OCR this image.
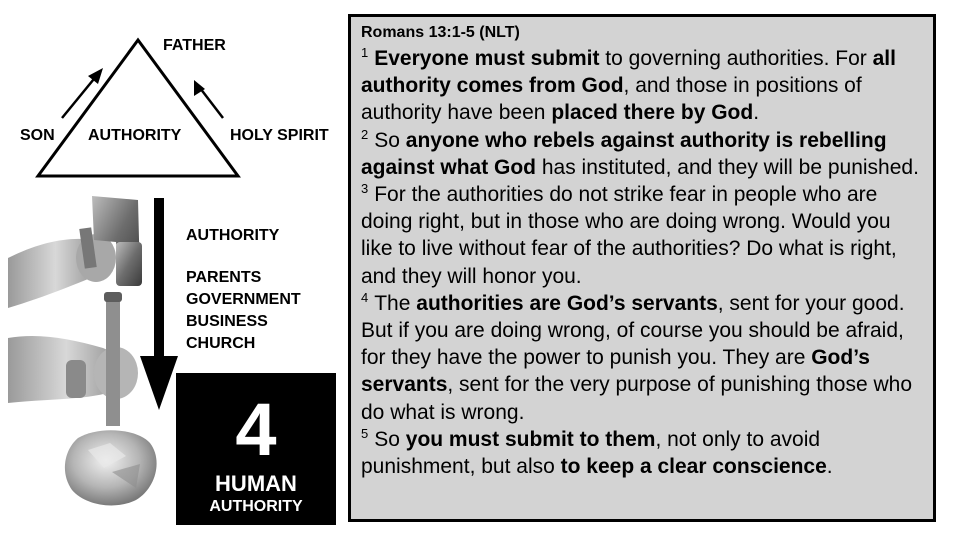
FATHER
SON AUTHORITY	HOLY SPIRIT
AUTHORITY
PARENTS
GOVERNMENT
BUSINESS
CHURCH
4
HUMAN
AUTHORITY
Romans 13:1-5 (NLT)

$^1$ Everyone must submit to governing authorities. For all authority comes from God, and those in positions of authority have been placed there by God.

$^2$ So anyone who rebels against authority is rebelling against what God has instituted, and they will be punished.

$^3$ For the authorities do not strike fear in people who are doing right, but in those who are doing wrong. Would you like to live without fear of the authorities? Do what is right, and they will honor you.

$^4$ The authorities are God’s servants, sent for your good. But if you are doing wrong, of course you should be afraid, for they have the power to punish you. They are God’s servants, sent for the very purpose of punishing those who do what is wrong.

$^5$ So you must submit to them, not only to avoid punishment, but also to keep a clear conscience.
